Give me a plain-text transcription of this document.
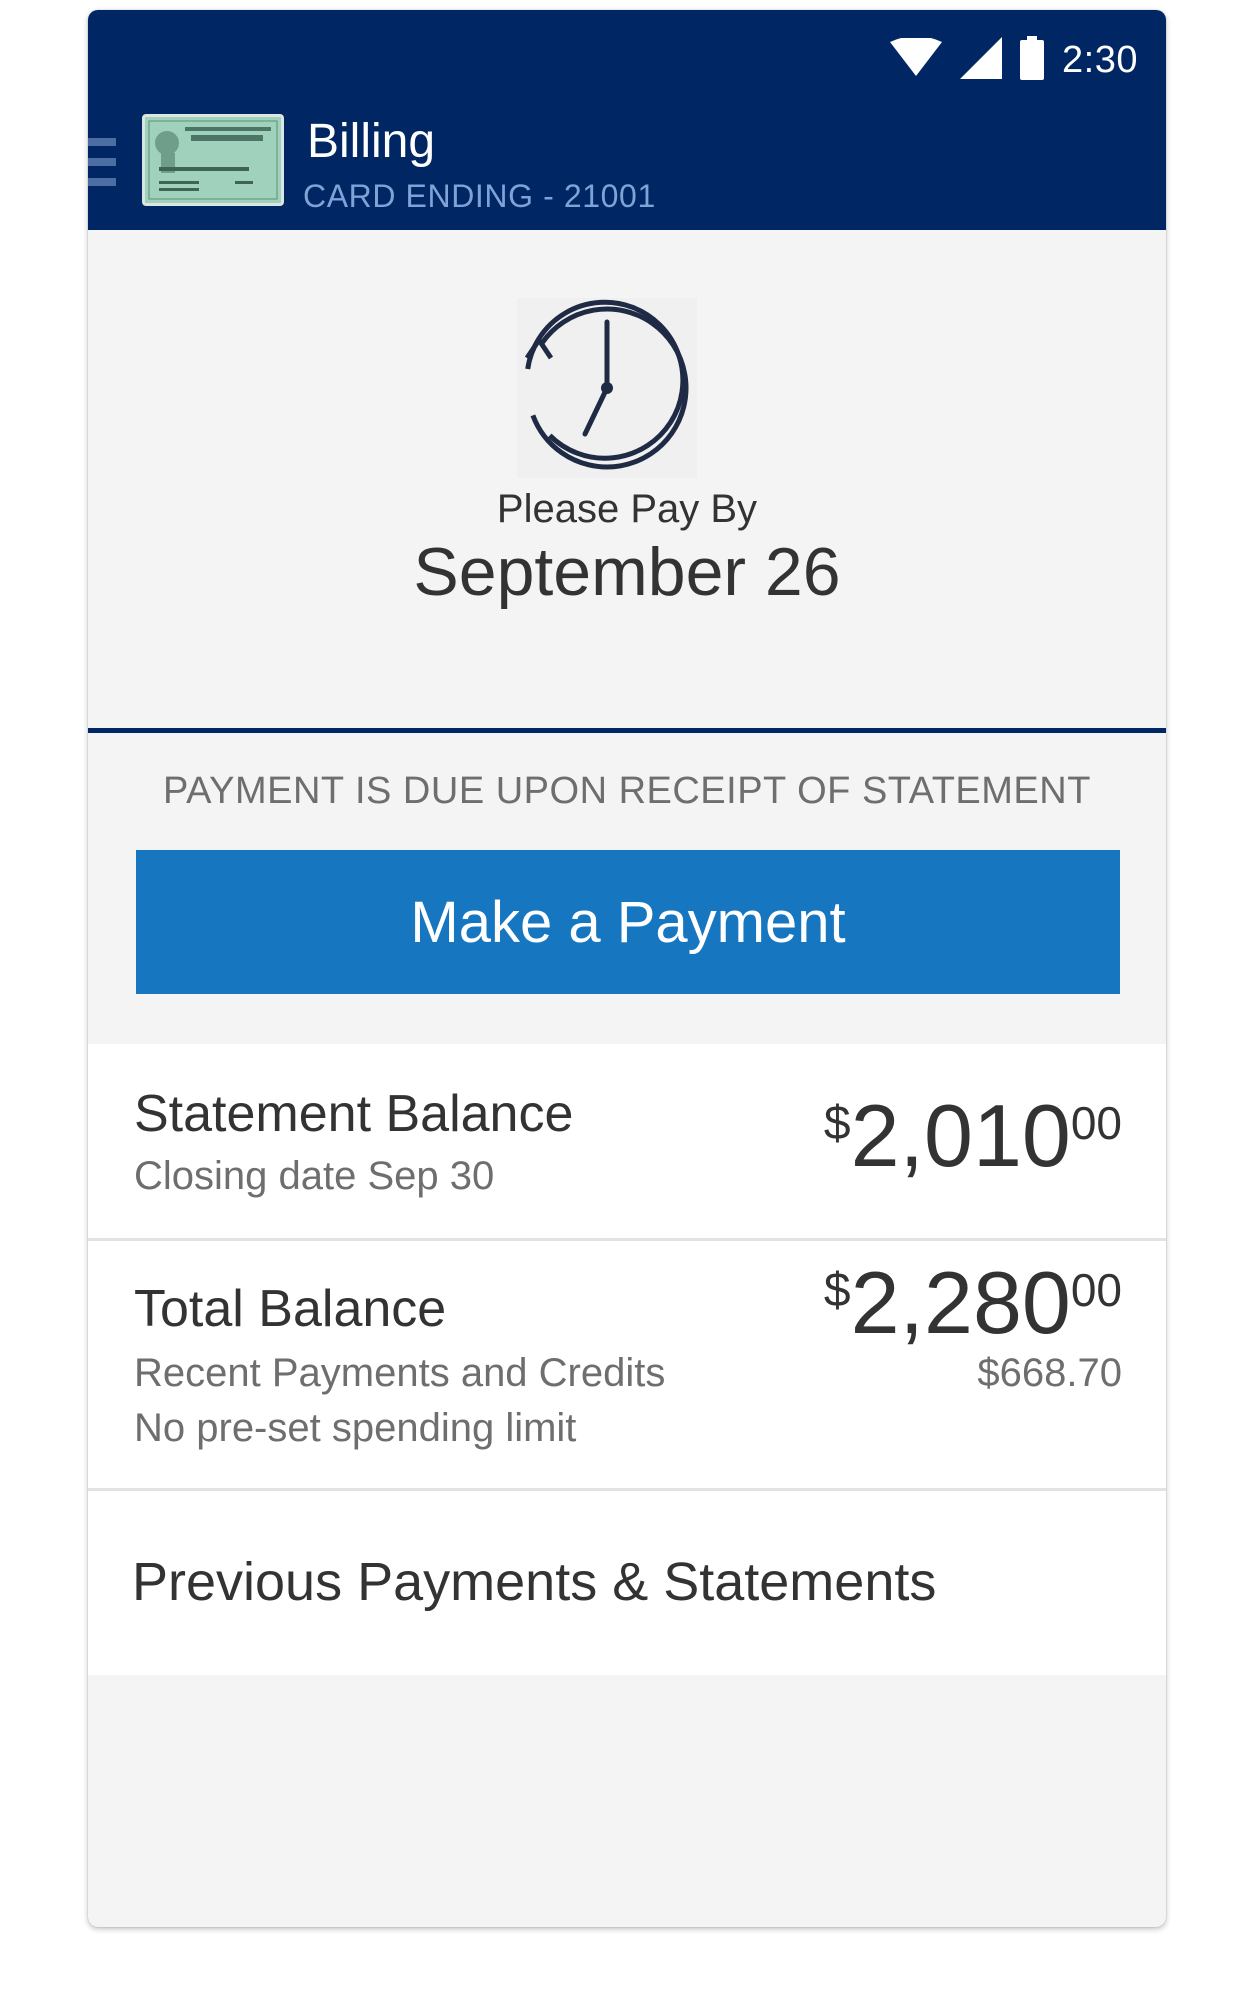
2:30
Billing
CARD ENDING - 21001
Please Pay By
September 26
PAYMENT IS DUE UPON RECEIPT OF STATEMENT
Make a Payment
Statement Balance
Closing date Sep 30
$2,01000
Total Balance
Recent Payments and Credits
No pre-set spending limit
$2,28000
$668.70
Previous Payments & Statements
